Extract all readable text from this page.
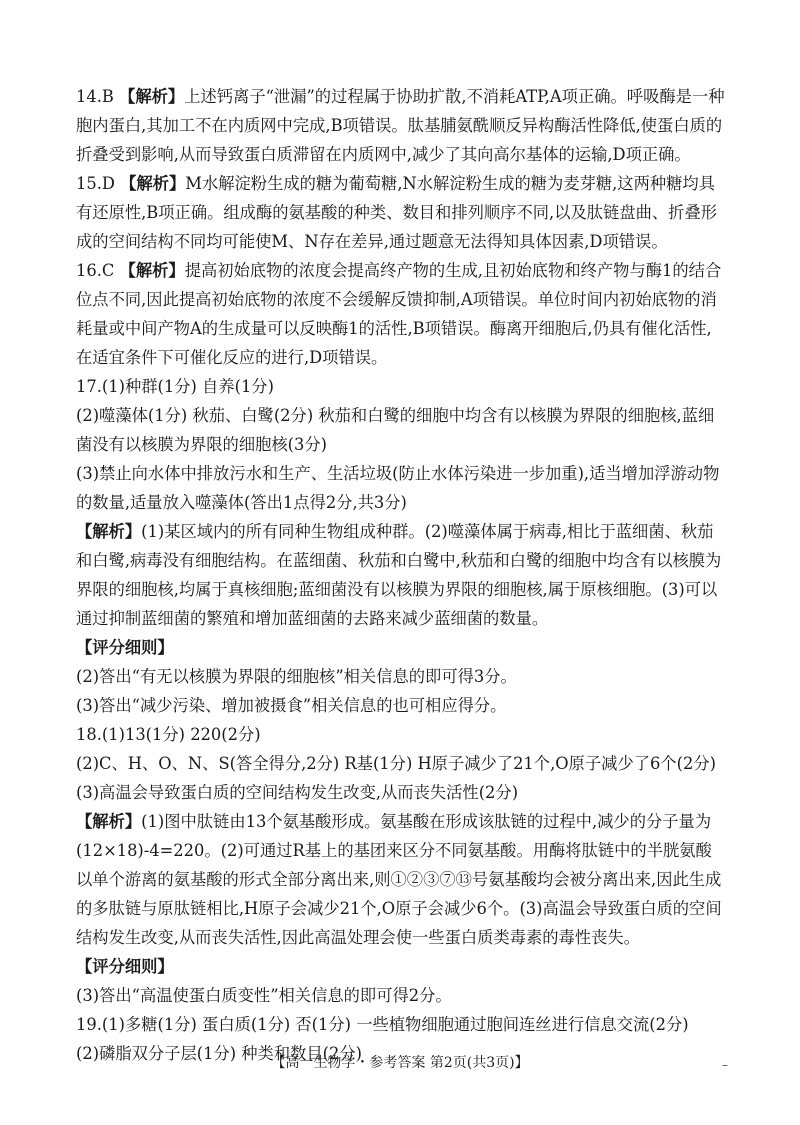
14.B 【解析】上述钙离子“泄漏”的过程属于协助扩散,不消耗ATP,A项正确。呼吸酶是一种胞内蛋白,其加工不在内质网中完成,B项错误。肽基脯氨酰顺反异构酶活性降低,使蛋白质的折叠受到影响,从而导致蛋白质滞留在内质网中,减少了其向高尔基体的运输,D项正确。

15.D 【解析】M水解淀粉生成的糖为葡萄糖,N水解淀粉生成的糖为麦芽糖,这两种糖均具有还原性,B项正确。组成酶的氨基酸的种类、数目和排列顺序不同,以及肽链盘曲、折叠形成的空间结构不同均可能使M、N存在差异,通过题意无法得知具体因素,D项错误。

16.C 【解析】提高初始底物的浓度会提高终产物的生成,且初始底物和终产物与酶1的结合位点不同,因此提高初始底物的浓度不会缓解反馈抑制,A项错误。单位时间内初始底物的消耗量或中间产物A的生成量可以反映酶1的活性,B项错误。酶离开细胞后,仍具有催化活性,在适宜条件下可催化反应的进行,D项错误。

17.(1)种群(1分) 自养(1分)

(2)噬藻体(1分) 秋茄、白鹭(2分) 秋茄和白鹭的细胞中均含有以核膜为界限的细胞核,蓝细菌没有以核膜为界限的细胞核(3分)

(3)禁止向水体中排放污水和生产、生活垃圾(防止水体污染进一步加重),适当增加浮游动物的数量,适量放入噬藻体(答出1点得2分,共3分)

【解析】(1)某区域内的所有同种生物组成种群。(2)噬藻体属于病毒,相比于蓝细菌、秋茄和白鹭,病毒没有细胞结构。在蓝细菌、秋茄和白鹭中,秋茄和白鹭的细胞中均含有以核膜为界限的细胞核,均属于真核细胞;蓝细菌没有以核膜为界限的细胞核,属于原核细胞。(3)可以通过抑制蓝细菌的繁殖和增加蓝细菌的去路来减少蓝细菌的数量。

【评分细则】

(2)答出“有无以核膜为界限的细胞核”相关信息的即可得3分。

(3)答出“减少污染、增加被摄食”相关信息的也可相应得分。

18.(1)13(1分) 220(2分)

(2)C、H、O、N、S(答全得分,2分) R基(1分) H原子减少了21个,O原子减少了6个(2分)

(3)高温会导致蛋白质的空间结构发生改变,从而丧失活性(2分)

【解析】(1)图中肽链由13个氨基酸形成。氨基酸在形成该肽链的过程中,减少的分子量为(12×18)-4=220。(2)可通过R基上的基团来区分不同氨基酸。用酶将肽链中的半胱氨酸以单个游离的氨基酸的形式全部分离出来,则①②③⑦⑬号氨基酸均会被分离出来,因此生成的多肽链与原肽链相比,H原子会减少21个,O原子会减少6个。(3)高温会导致蛋白质的空间结构发生改变,从而丧失活性,因此高温处理会使一些蛋白质类毒素的毒性丧失。

【评分细则】

(3)答出“高温使蛋白质变性”相关信息的即可得2分。

19.(1)多糖(1分) 蛋白质(1分) 否(1分) 一些植物细胞通过胞间连丝进行信息交流(2分)

(2)磷脂双分子层(1分) 种类和数目(2分)

【高一生物学・参考答案 第2页(共3页)】	–
